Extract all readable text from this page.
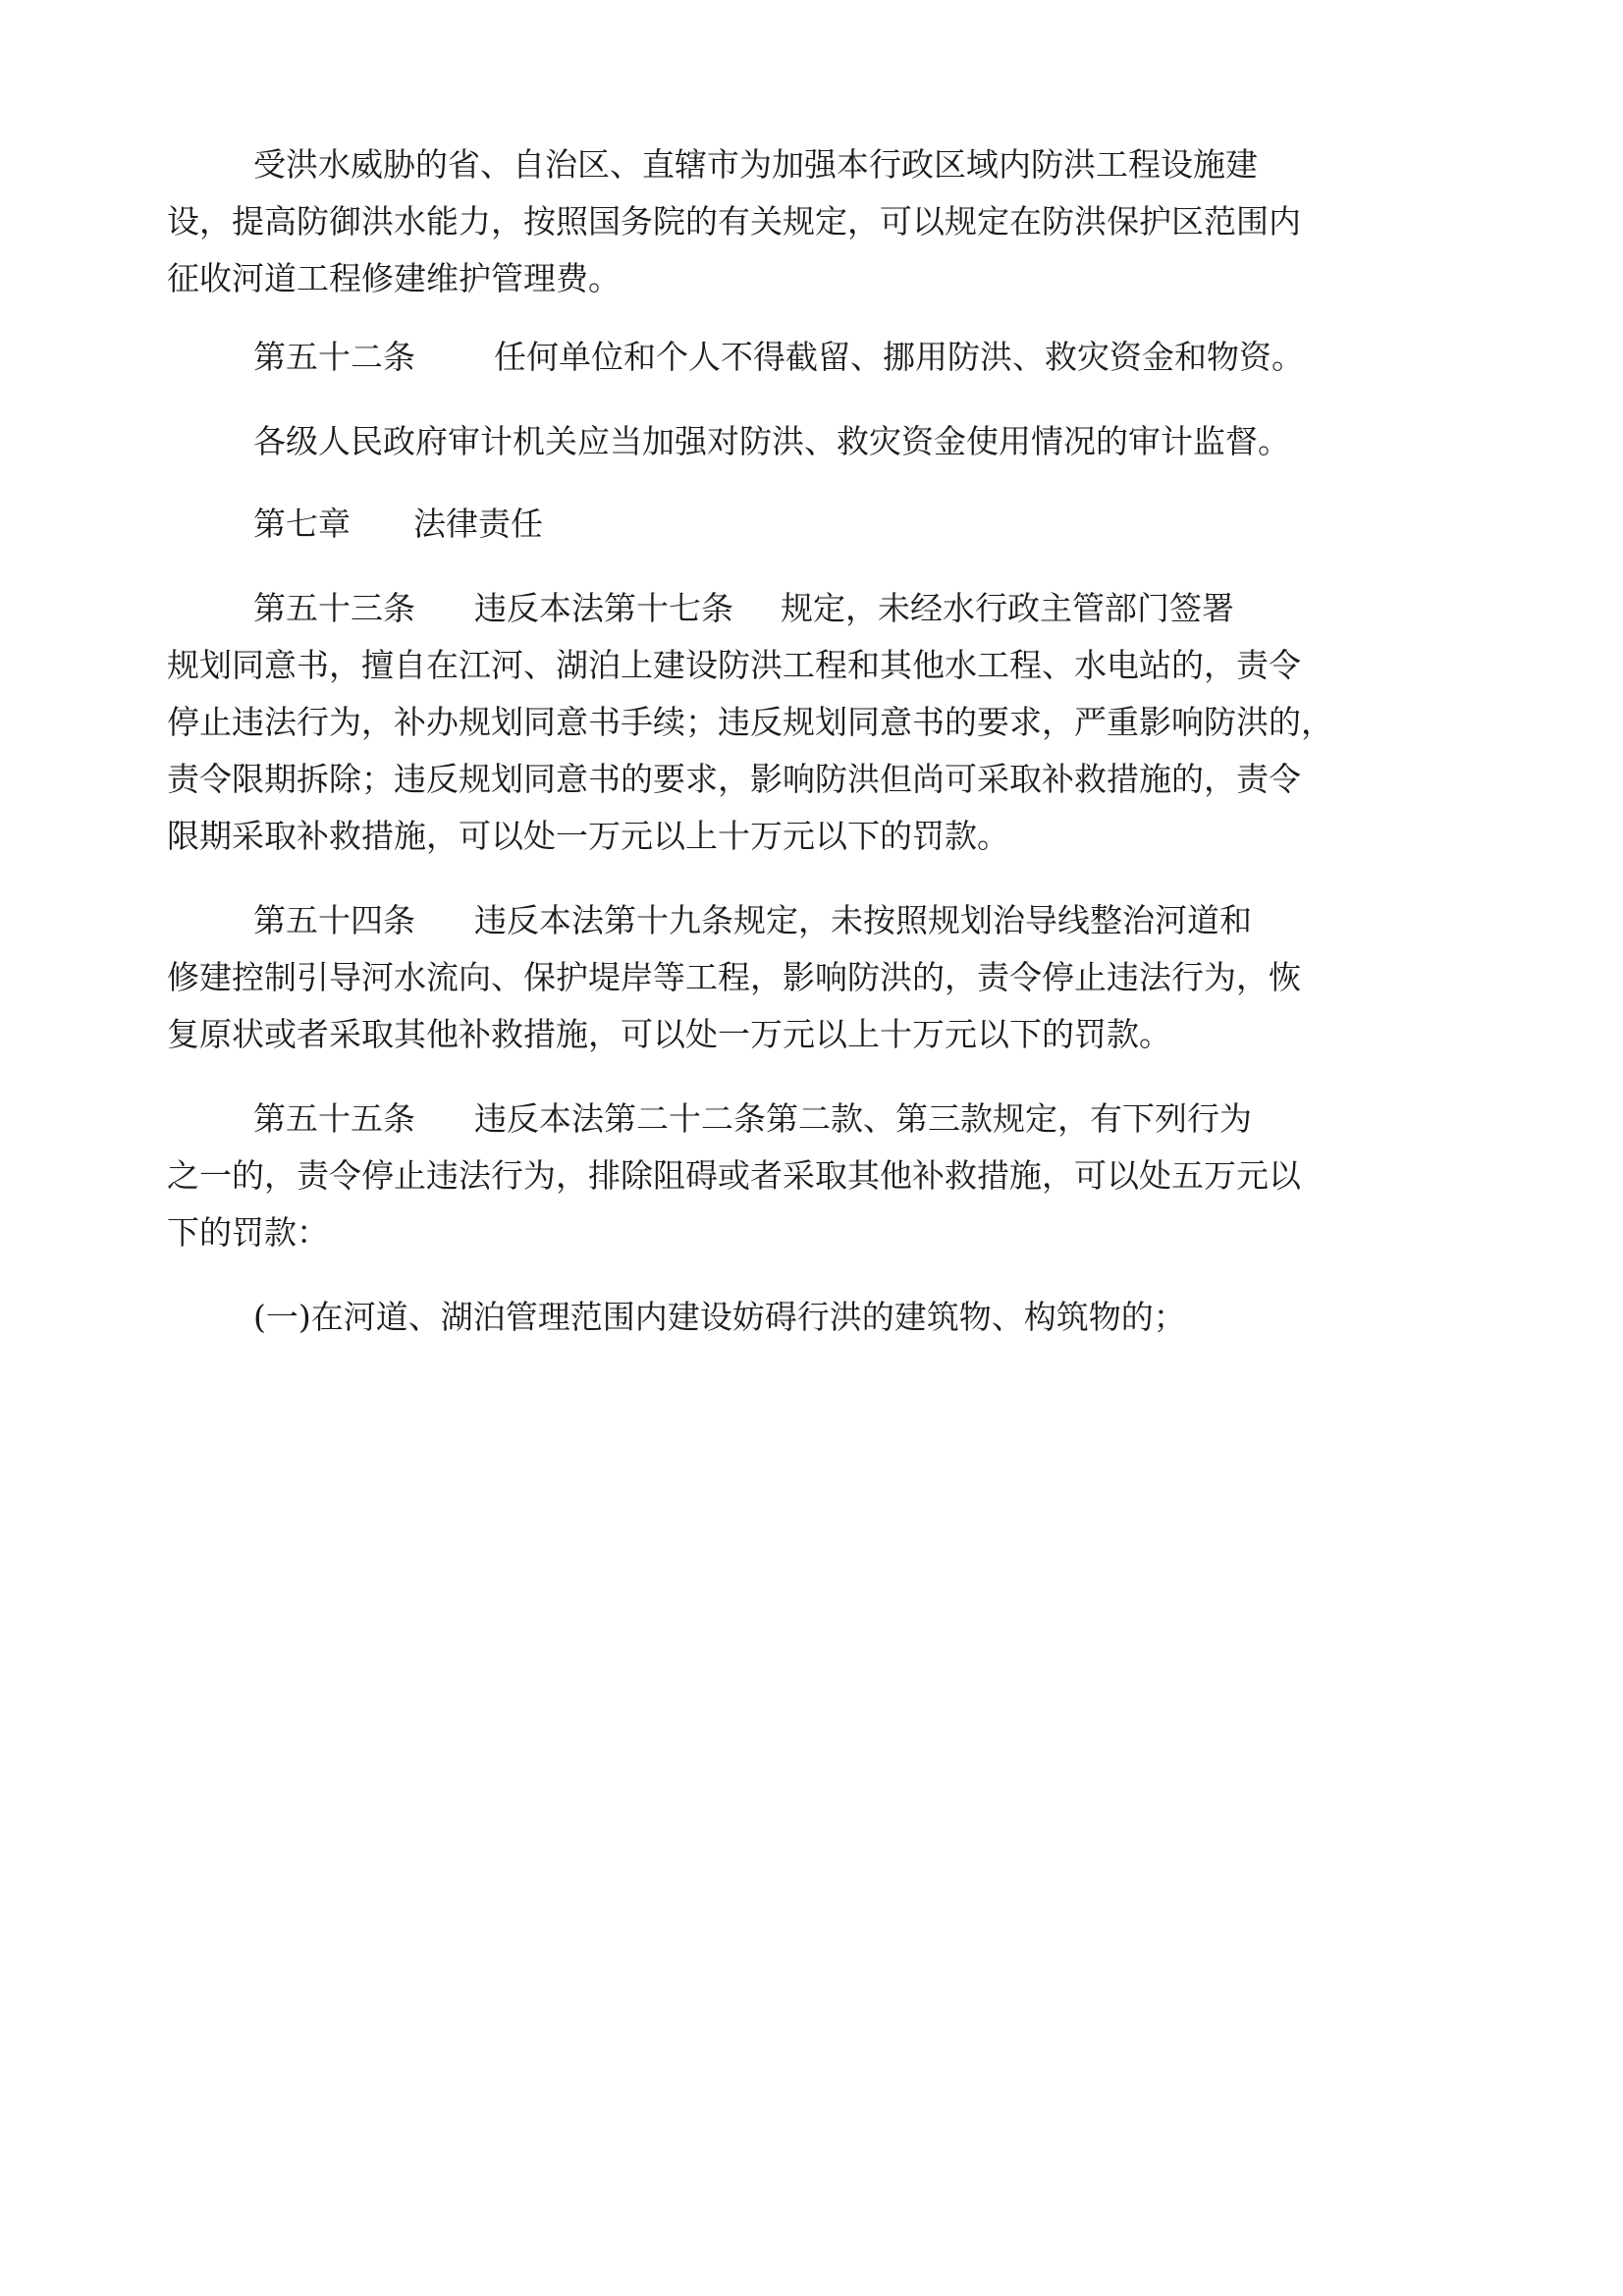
受洪水威胁的省、自治区、直辖市为加强本行政区域内防洪工程设施建
设，提高防御洪水能力，按照国务院的有关规定，可以规定在防洪保护区范围内
征收河道工程修建维护管理费。
第五十二条 任何单位和个人不得截留、挪用防洪、救灾资金和物资。
各级人民政府审计机关应当加强对防洪、救灾资金使用情况的审计监督。
第七章 法律责任
第五十三条 违反本法第十七条 规定，未经水行政主管部门签署
规划同意书，擅自在江河、湖泊上建设防洪工程和其他水工程、水电站的，责令
停止违法行为，补办规划同意书手续；违反规划同意书的要求，严重影响防洪的，
责令限期拆除；违反规划同意书的要求，影响防洪但尚可采取补救措施的，责令
限期采取补救措施，可以处一万元以上十万元以下的罚款。
第五十四条 违反本法第十九条规定，未按照规划治导线整治河道和
修建控制引导河水流向、保护堤岸等工程，影响防洪的，责令停止违法行为，恢
复原状或者采取其他补救措施，可以处一万元以上十万元以下的罚款。
第五十五条 违反本法第二十二条第二款、第三款规定，有下列行为
之一的，责令停止违法行为，排除阻碍或者采取其他补救措施，可以处五万元以
下的罚款：
(一)在河道、湖泊管理范围内建设妨碍行洪的建筑物、构筑物的；
